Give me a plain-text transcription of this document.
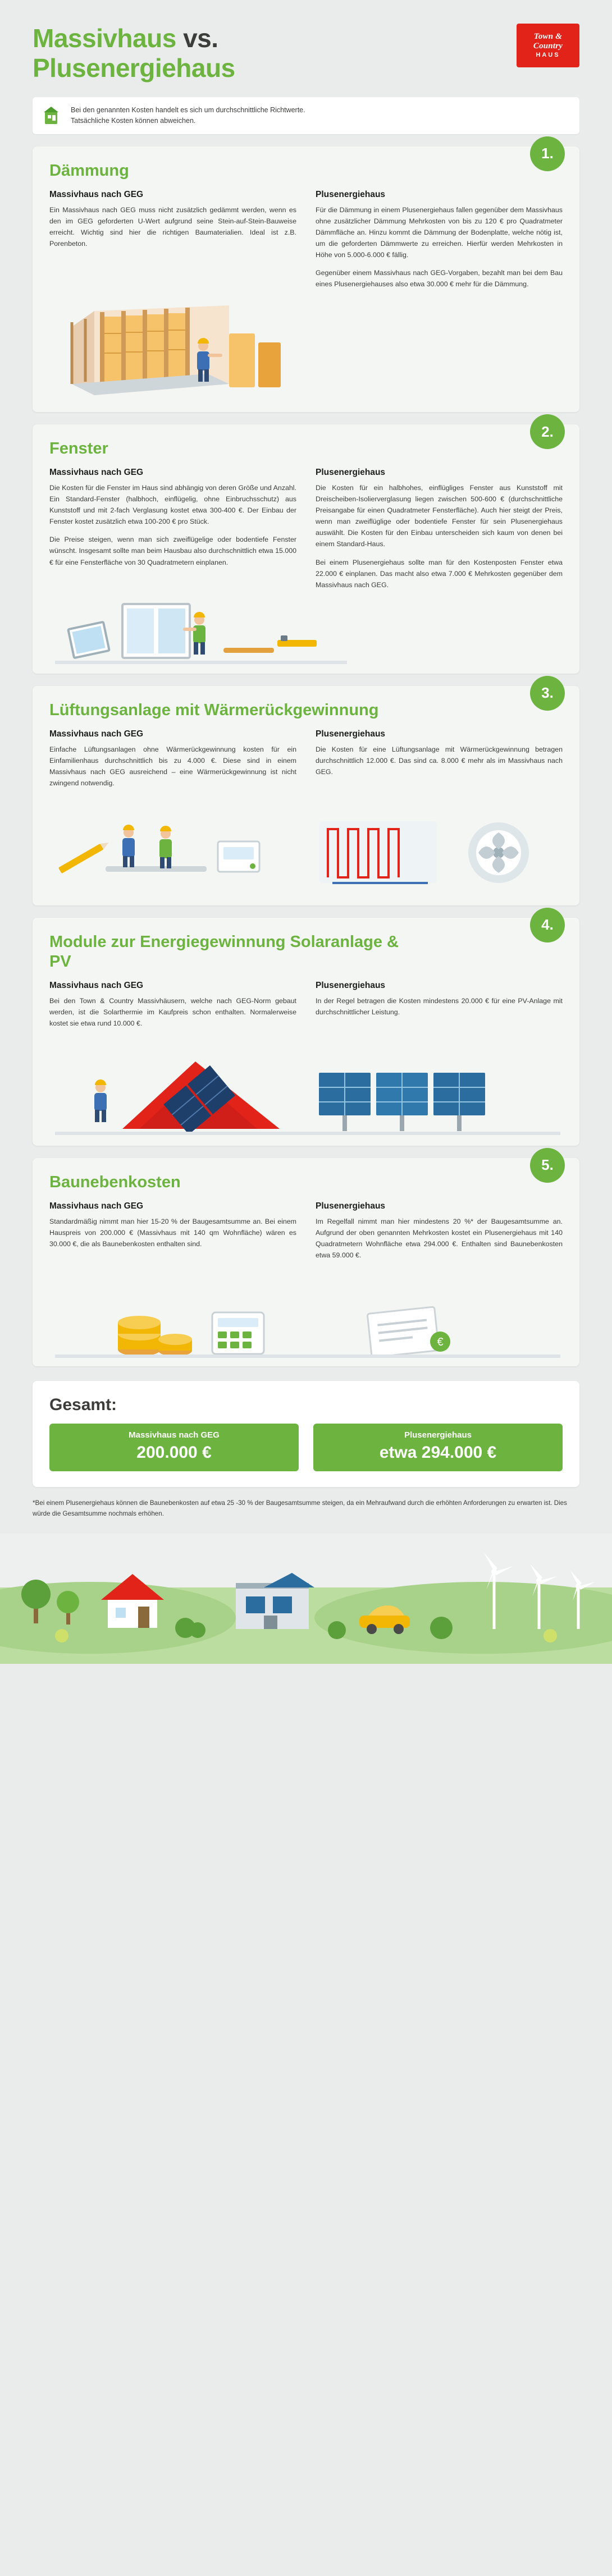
Massivhaus vs.
Plusenergiehaus
Town &
Country
HAUS
Bei den genannten Kosten handelt es sich um durchschnittliche Richtwerte.
Tatsächliche Kosten können abweichen.
1.
Dämmung
Massivhaus nach GEG

Ein Massivhaus nach GEG muss nicht zusätzlich gedämmt werden, wenn es den im GEG geforderten U-Wert aufgrund seine Stein-auf-Stein-Bauweise erreicht. Wichtig sind hier die richtigen Baumaterialien. Ideal ist z.B. Porenbeton.

Plusenergiehaus

Für die Dämmung in einem Plusenergiehaus fallen gegenüber dem Massivhaus ohne zusätzlicher Dämmung Mehrkosten von bis zu 120 € pro Quadratmeter Dämmfläche an. Hinzu kommt die Dämmung der Bodenplatte, welche nötig ist, um die geforderten Dämmwerte zu erreichen. Hierfür werden Mehrkosten in Höhe von 5.000-6.000 € fällig.

Gegenüber einem Massivhaus nach GEG-Vorgaben, bezahlt man bei dem Bau eines Plusenergiehauses also etwa 30.000 € mehr für die Dämmung.

2.
Fenster
Massivhaus nach GEG

Die Kosten für die Fenster im Haus sind abhängig von deren Größe und Anzahl. Ein Standard-Fenster (halbhoch, einflügelig, ohne Einbruchsschutz) aus Kunststoff und mit 2-fach Verglasung kostet etwa 300-400 €. Der Einbau der Fenster kostet zusätzlich etwa 100-200 € pro Stück.

Die Preise steigen, wenn man sich zweiflügelige oder bodentiefe Fenster wünscht. Insgesamt sollte man beim Hausbau also durchschnittlich etwa 15.000 € für eine Fensterfläche von 30 Quadratmetern einplanen.

Plusenergiehaus

Die Kosten für ein halbhohes, einflügliges Fenster aus Kunststoff mit Dreischeiben-Isolierverglasung liegen zwischen 500-600 € (durchschnittliche Preisangabe für einen Quadratmeter Fensterfläche). Auch hier steigt der Preis, wenn man zweiflüglige oder bodentiefe Fenster für sein Plusenergiehaus auswählt. Die Kosten für den Einbau unterscheiden sich kaum von denen bei einem Standard-Haus.

Bei einem Plusenergiehaus sollte man für den Kostenposten Fenster etwa 22.000 € einplanen. Das macht also etwa 7.000 € Mehrkosten gegenüber dem Massivhaus nach GEG.

3.
Lüftungsanlage mit Wärmerückgewinnung
Massivhaus nach GEG

Einfache Lüftungsanlagen ohne Wärmerückgewinnung kosten für ein Einfamilienhaus durchschnittlich bis zu 4.000 €. Diese sind in einem Massivhaus nach GEG ausreichend – eine Wärmerückgewinnung ist nicht zwingend notwendig.

Plusenergiehaus

Die Kosten für eine Lüftungsanlage mit Wärmerückgewinnung betragen durchschnittlich 12.000 €. Das sind ca. 8.000 € mehr als im Massivhaus nach GEG.

4.
Module zur Energiegewinnung Solaranlage & PV
Massivhaus nach GEG

Bei den Town & Country Massivhäusern, welche nach GEG-Norm gebaut werden, ist die Solarthermie im Kaufpreis schon enthalten. Normalerweise kostet sie etwa rund 10.000 €.

Plusenergiehaus

In der Regel betragen die Kosten mindestens 20.000 € für eine PV-Anlage mit durchschnittlicher Leistung.

5.
Baunebenkosten
Massivhaus nach GEG

Standardmäßig nimmt man hier 15-20 % der Baugesamtsumme an. Bei einem Hauspreis von 200.000 € (Massivhaus mit 140 qm Wohnfläche) wären es 30.000 €, die als Baunebenkosten enthalten sind.

Plusenergiehaus

Im Regelfall nimmt man hier mindestens 20 %* der Baugesamtsumme an. Aufgrund der oben genannten Mehrkosten kostet ein Plusenergiehaus mit 140 Quadratmetern Wohnfläche etwa 294.000 €. Enthalten sind Baunebenkosten etwa 59.000 €.

€
Gesamt:
Massivhaus nach GEG
200.000 €
Plusenergiehaus
etwa 294.000 €
*Bei einem Plusenergiehaus können die Baunebenkosten auf etwa 25 -30 % der Baugesamtsumme steigen, da ein Mehraufwand durch die erhöhten Anforderungen zu erwarten ist. Dies würde die Gesamtsumme nochmals erhöhen.
